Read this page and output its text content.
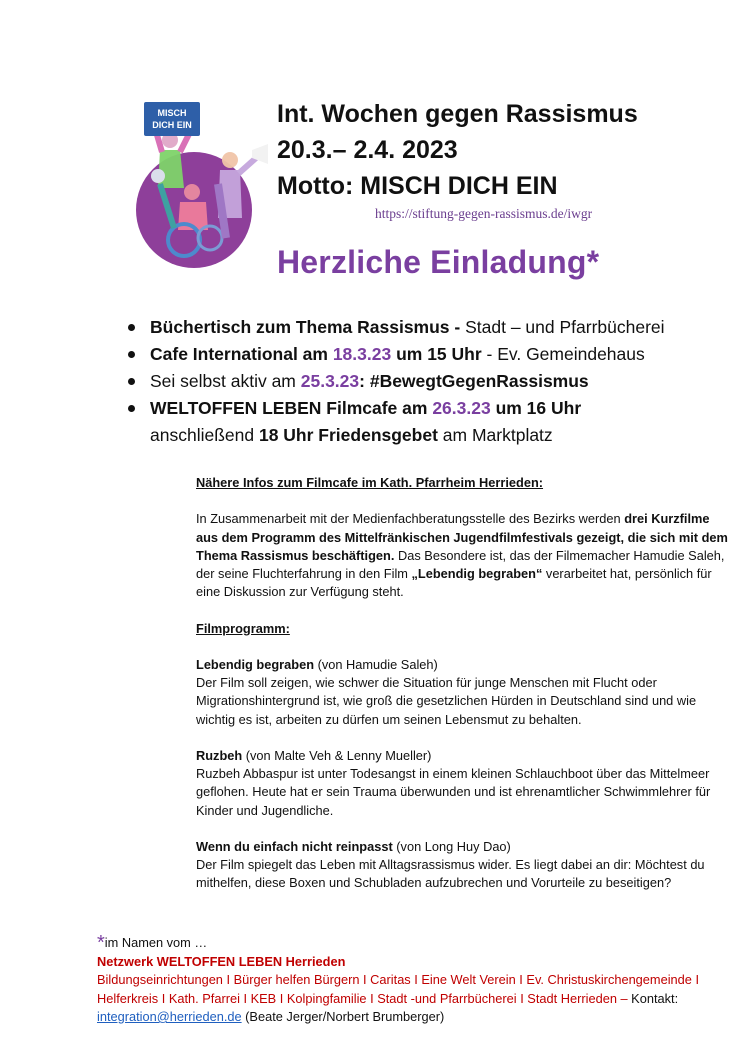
MISCH
DICH EIN	Int. Wochen gegen Rassismus
20.3.– 2.4. 2023
Motto: MISCH DICH EIN
https://stiftung-gegen-rassismus.de/iwgr

Herzliche Einladung*

Büchertisch zum Thema Rassismus - Stadt – und Pfarrbücherei
Cafe International am 18.3.23 um 15 Uhr - Ev. Gemeindehaus
Sei selbst aktiv am 25.3.23: #BewegtGegenRassismus
WELTOFFEN LEBEN Filmcafe am 26.3.23 um 16 Uhr
anschließend 18 Uhr Friedensgebet am Marktplatz

Nähere Infos zum Filmcafe im Kath. Pfarrheim Herrieden:

In Zusammenarbeit mit der Medienfachberatungsstelle des Bezirks werden drei Kurzfilme aus dem Programm des Mittelfränkischen Jugendfilmfestivals gezeigt, die sich mit dem Thema Rassismus beschäftigen. Das Besondere ist, das der Filmemacher Hamudie Saleh, der seine Fluchterfahrung in den Film „Lebendig begraben“ verarbeitet hat, persönlich für eine Diskussion zur Verfügung steht.

Filmprogramm:

Lebendig begraben (von Hamudie Saleh)
Der Film soll zeigen, wie schwer die Situation für junge Menschen mit Flucht oder Migrationshintergrund ist, wie groß die gesetzlichen Hürden in Deutschland sind und wie wichtig es ist, arbeiten zu dürfen um seinen Lebensmut zu behalten.

Ruzbeh (von Malte Veh & Lenny Mueller)
Ruzbeh Abbaspur ist unter Todesangst in einem kleinen Schlauchboot über das Mittelmeer geflohen. Heute hat er sein Trauma überwunden und ist ehrenamtlicher Schwimmlehrer für Kinder und Jugendliche.

Wenn du einfach nicht reinpasst (von Long Huy Dao)
Der Film spiegelt das Leben mit Alltagsrassismus wider. Es liegt dabei an dir: Möchtest du mithelfen, diese Boxen und Schubladen aufzubrechen und Vorurteile zu beseitigen?

*im Namen vom …
Netzwerk WELTOFFEN LEBEN Herrieden
Bildungseinrichtungen I Bürger helfen Bürgern I Caritas I Eine Welt Verein I Ev. Christuskirchengemeinde I Helferkreis I Kath. Pfarrei I KEB I Kolpingfamilie I Stadt -und Pfarrbücherei I Stadt Herrieden – Kontakt: integration@herrieden.de (Beate Jerger/Norbert Brumberger)
